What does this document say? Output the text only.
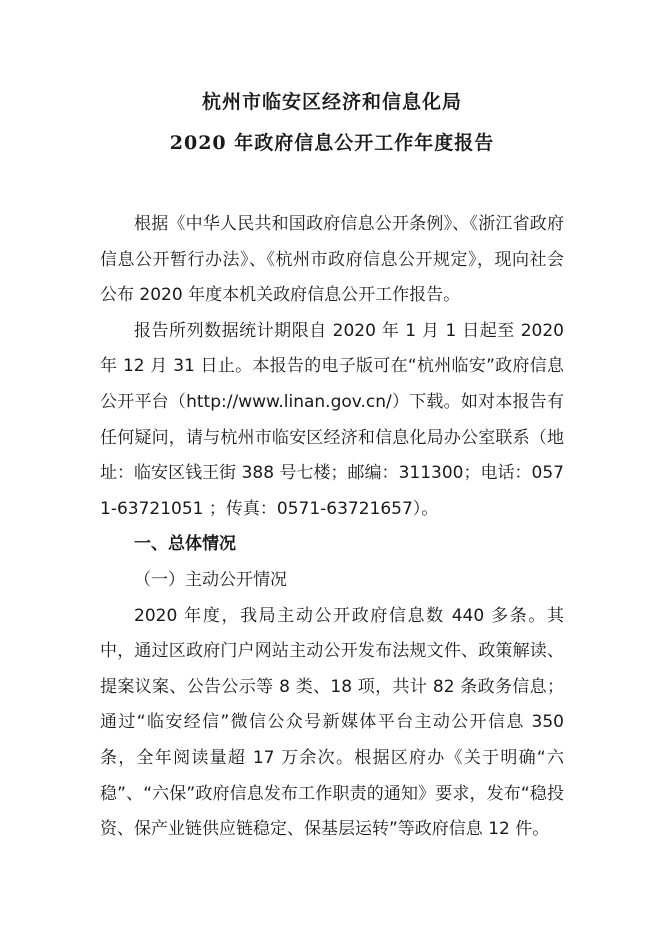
杭州市临安区经济和信息化局
2020 年政府信息公开工作年度报告

根据《中华人民共和国政府信息公开条例》、《浙江省政府信息公开暂行办法》、《杭州市政府信息公开规定》，现向社会公布 2020 年度本机关政府信息公开工作报告。

报告所列数据统计期限自 2020 年 1 月 1 日起至 2020 年 12 月 31 日止。本报告的电子版可在“杭州临安”政府信息公开平台（http://www.linan.gov.cn/）下载。如对本报告有任何疑问，请与杭州市临安区经济和信息化局办公室联系（地址：临安区钱王街 388 号七楼；邮编：311300；电话：0571-63721051 ；传真：0571-63721657）。

一、总体情况

（一）主动公开情况

2020 年度，我局主动公开政府信息数 440 多条。其中，通过区政府门户网站主动公开发布法规文件、政策解读、提案议案、公告公示等 8 类、18 项，共计 82 条政务信息；通过“临安经信”微信公众号新媒体平台主动公开信息 350 条，全年阅读量超 17 万余次。根据区府办《关于明确“六稳”、“六保”政府信息发布工作职责的通知》要求，发布“稳投资、保产业链供应链稳定、保基层运转”等政府信息 12 件。
